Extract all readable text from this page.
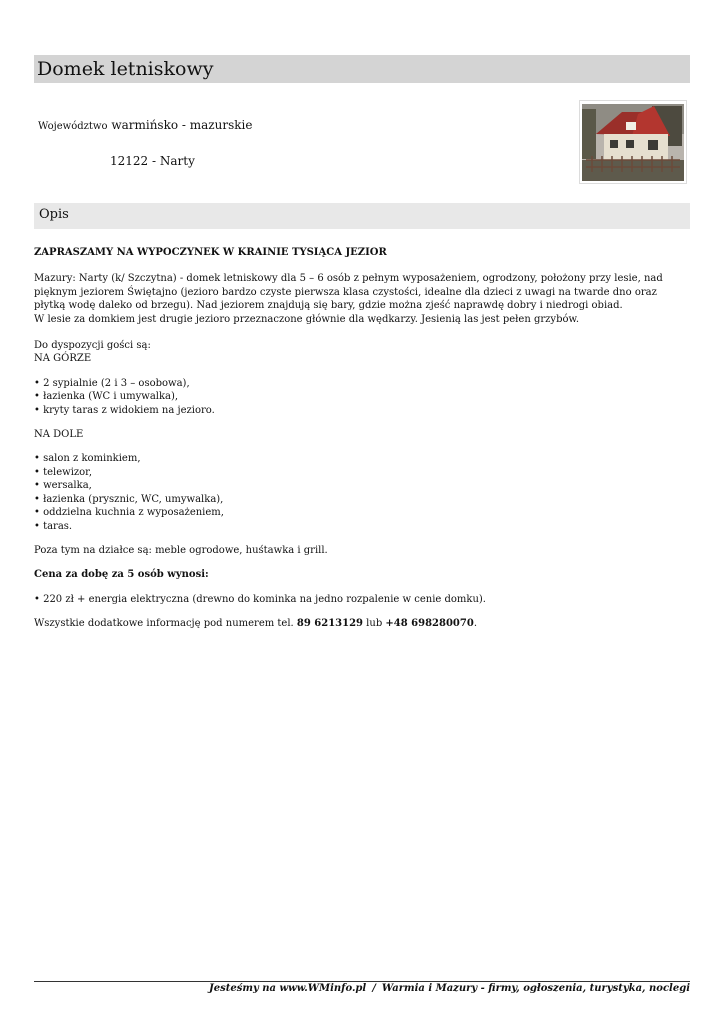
Domek letniskowy
Województwo warmińsko - mazurskie
12122 - Narty
Opis

ZAPRASZAMY NA WYPOCZYNEK W KRAINIE TYSIĄCA JEZIOR

Mazury: Narty (k/ Szczytna) - domek letniskowy dla 5 – 6 osób z pełnym wyposażeniem, ogrodzony, położony przy lesie, nad pięknym jeziorem Świętajno (jezioro bardzo czyste pierwsza klasa czystości, idealne dla dzieci z uwagi na twarde dno oraz płytką wodę daleko od brzegu). Nad jeziorem znajdują się bary, gdzie można zjeść naprawdę dobry i niedrogi obiad.

W lesie za domkiem jest drugie jezioro przeznaczone głównie dla wędkarzy. Jesienią las jest pełen grzybów.

Do dyspozycji gości są:

NA GÓRZE

• 2 sypialnie (2 i 3 – osobowa),
• łazienka (WC i umywalka),
• kryty taras z widokiem na jezioro.

NA DOLE

• salon z kominkiem,
• telewizor,
• wersalka,
• łazienka (prysznic, WC, umywalka),
• oddzielna kuchnia z wyposażeniem,
• taras.

Poza tym na działce są: meble ogrodowe, huśtawka i grill.

Cena za dobę za 5 osób wynosi:

• 220 zł + energia elektryczna (drewno do kominka na jedno rozpalenie w cenie domku).

Wszystkie dodatkowe informację pod numerem tel. 89 6213129 lub +48 698280070.

Jesteśmy na www.WMinfo.pl / Warmia i Mazury - firmy, ogłoszenia, turystyka, noclegi
